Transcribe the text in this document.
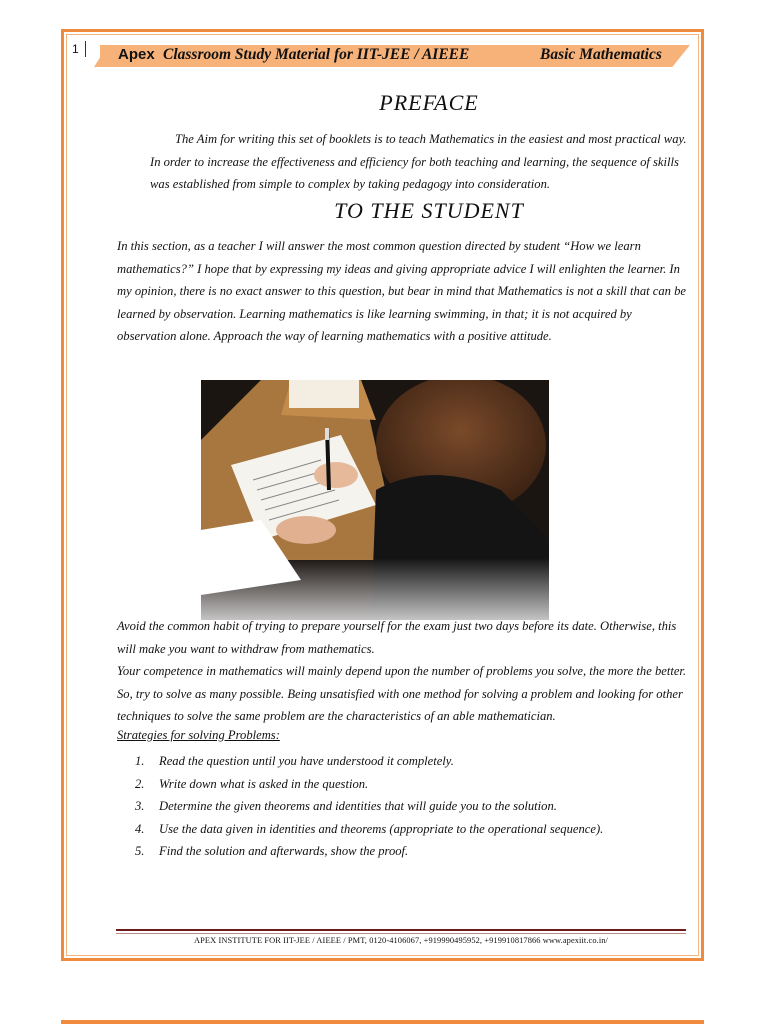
1	Apex Classroom Study Material for IIT-JEE / AIEEE	Basic Mathematics
PREFACE

The Aim for writing this set of booklets is to teach Mathematics in the easiest and most practical way. In order to increase the effectiveness and efficiency for both teaching and learning, the sequence of skills was established from simple to complex by taking pedagogy into consideration.

TO THE STUDENT

In this section, as a teacher I will answer the most common question directed by student “How we learn mathematics?” I hope that by expressing my ideas and giving appropriate advice I will enlighten the learner. In my opinion, there is no exact answer to this question, but bear in mind that Mathematics is not a skill that can be learned by observation. Learning mathematics is like learning swimming, in that; it is not acquired by observation alone. Approach the way of learning mathematics with a positive attitude.

Avoid the common habit of trying to prepare yourself for the exam just two days before its date. Otherwise, this will make you want to withdraw from mathematics.
Your competence in mathematics will mainly depend upon the number of problems you solve, the more the better. So, try to solve as many possible. Being unsatisfied with one method for solving a problem and looking for other techniques to solve the same problem are the characteristics of an able mathematician.

Strategies for solving Problems:
1. Read the question until you have understood it completely.
2. Write down what is asked in the question.
3. Determine the given theorems and identities that will guide you to the solution.
4. Use the data given in identities and theorems (appropriate to the operational sequence).
5. Find the solution and afterwards, show the proof.
APEX INSTITUTE FOR IIT-JEE / AIEEE / PMT, 0120-4106067, +919990495952, +919910817866 www.apexiit.co.in/
